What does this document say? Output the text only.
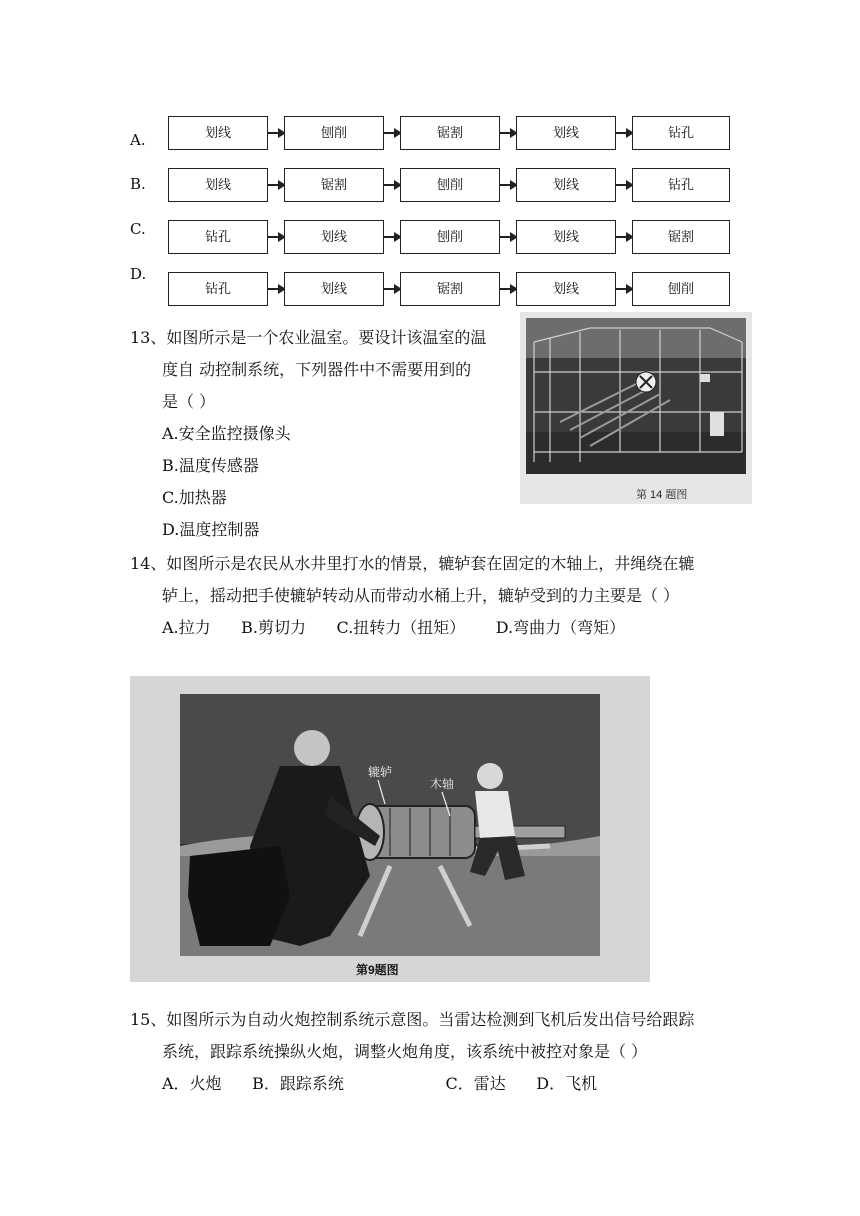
A.
B.
C.
D.
划线	刨削	锯割	划线	钻孔
划线	锯割	刨削	划线	钻孔
钻孔	划线	刨削	划线	锯割
钻孔	划线	锯割	划线	刨削
13、如图所示是一个农业温室。要设计该温室的温
度自 动控制系统，下列器件中不需要用到的
是（ ）
A.安全监控摄像头
B.温度传感器
C.加热器
D.温度控制器
第 14 题图
14、如图所示是农民从水井里打水的情景，辘轳套在固定的木轴上，井绳绕在辘
轳上，摇动把手使辘轳转动从而带动水桶上升，辘轳受到的力主要是（ ）
A.拉力      B.剪切力      C.扭转力（扭矩）      D.弯曲力（弯矩）
辘轳
木轴
第9题图
15、如图所示为自动火炮控制系统示意图。当雷达检测到飞机后发出信号给跟踪
系统，跟踪系统操纵火炮，调整火炮角度，该系统中被控对象是（ ）
A．火炮      B．跟踪系统                    C．雷达      D．飞机
